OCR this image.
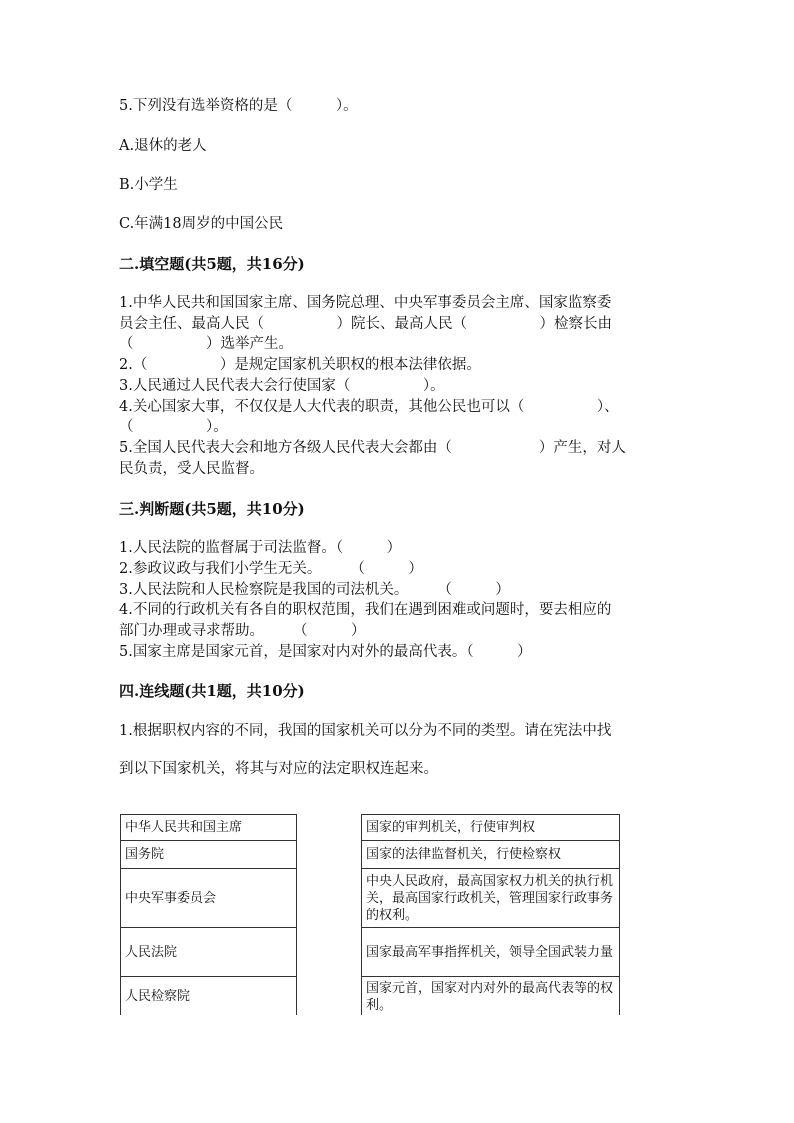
5.下列没有选举资格的是（　　　）。

A.退休的老人

B.小学生

C.年满18周岁的中国公民

二.填空题(共5题，共16分)

1.中华人民共和国国家主席、国务院总理、中央军事委员会主席、国家监察委

员会主任、最高人民（　　　　　）院长、最高人民（　　　　　）检察长由

（　　　　　）选举产生。

2.（　　　　　）是规定国家机关职权的根本法律依据。

3.人民通过人民代表大会行使国家（　　　　　）。

4.关心国家大事，不仅仅是人大代表的职责，其他公民也可以（　　　　　）、

（　　　　　）。

5.全国人民代表大会和地方各级人民代表大会都由（　　　　　　）产生，对人

民负责，受人民监督。

三.判断题(共5题，共10分)

1.人民法院的监督属于司法监督。（　　　）

2.参政议政与我们小学生无关。　　　（　　　）

3.人民法院和人民检察院是我国的司法机关。　　　（　　　）

4.不同的行政机关有各自的职权范围，我们在遇到困难或问题时，要去相应的

部门办理或寻求帮助。　　　（　　　）

5.国家主席是国家元首，是国家对内对外的最高代表。（　　　）

四.连线题(共1题，共10分)

1.根据职权内容的不同，我国的国家机关可以分为不同的类型。请在宪法中找

到以下国家机关，将其与对应的法定职权连起来。

中华人民共和国主席
国务院
中央军事委员会
人民法院
人民检察院
国家的审判机关，行使审判权
国家的法律监督机关，行使检察权
中央人民政府，最高国家权力机关的执行机关，最高国家行政机关，管理国家行政事务的权利。
国家最高军事指挥机关，领导全国武装力量
国家元首，国家对内对外的最高代表等的权利。
